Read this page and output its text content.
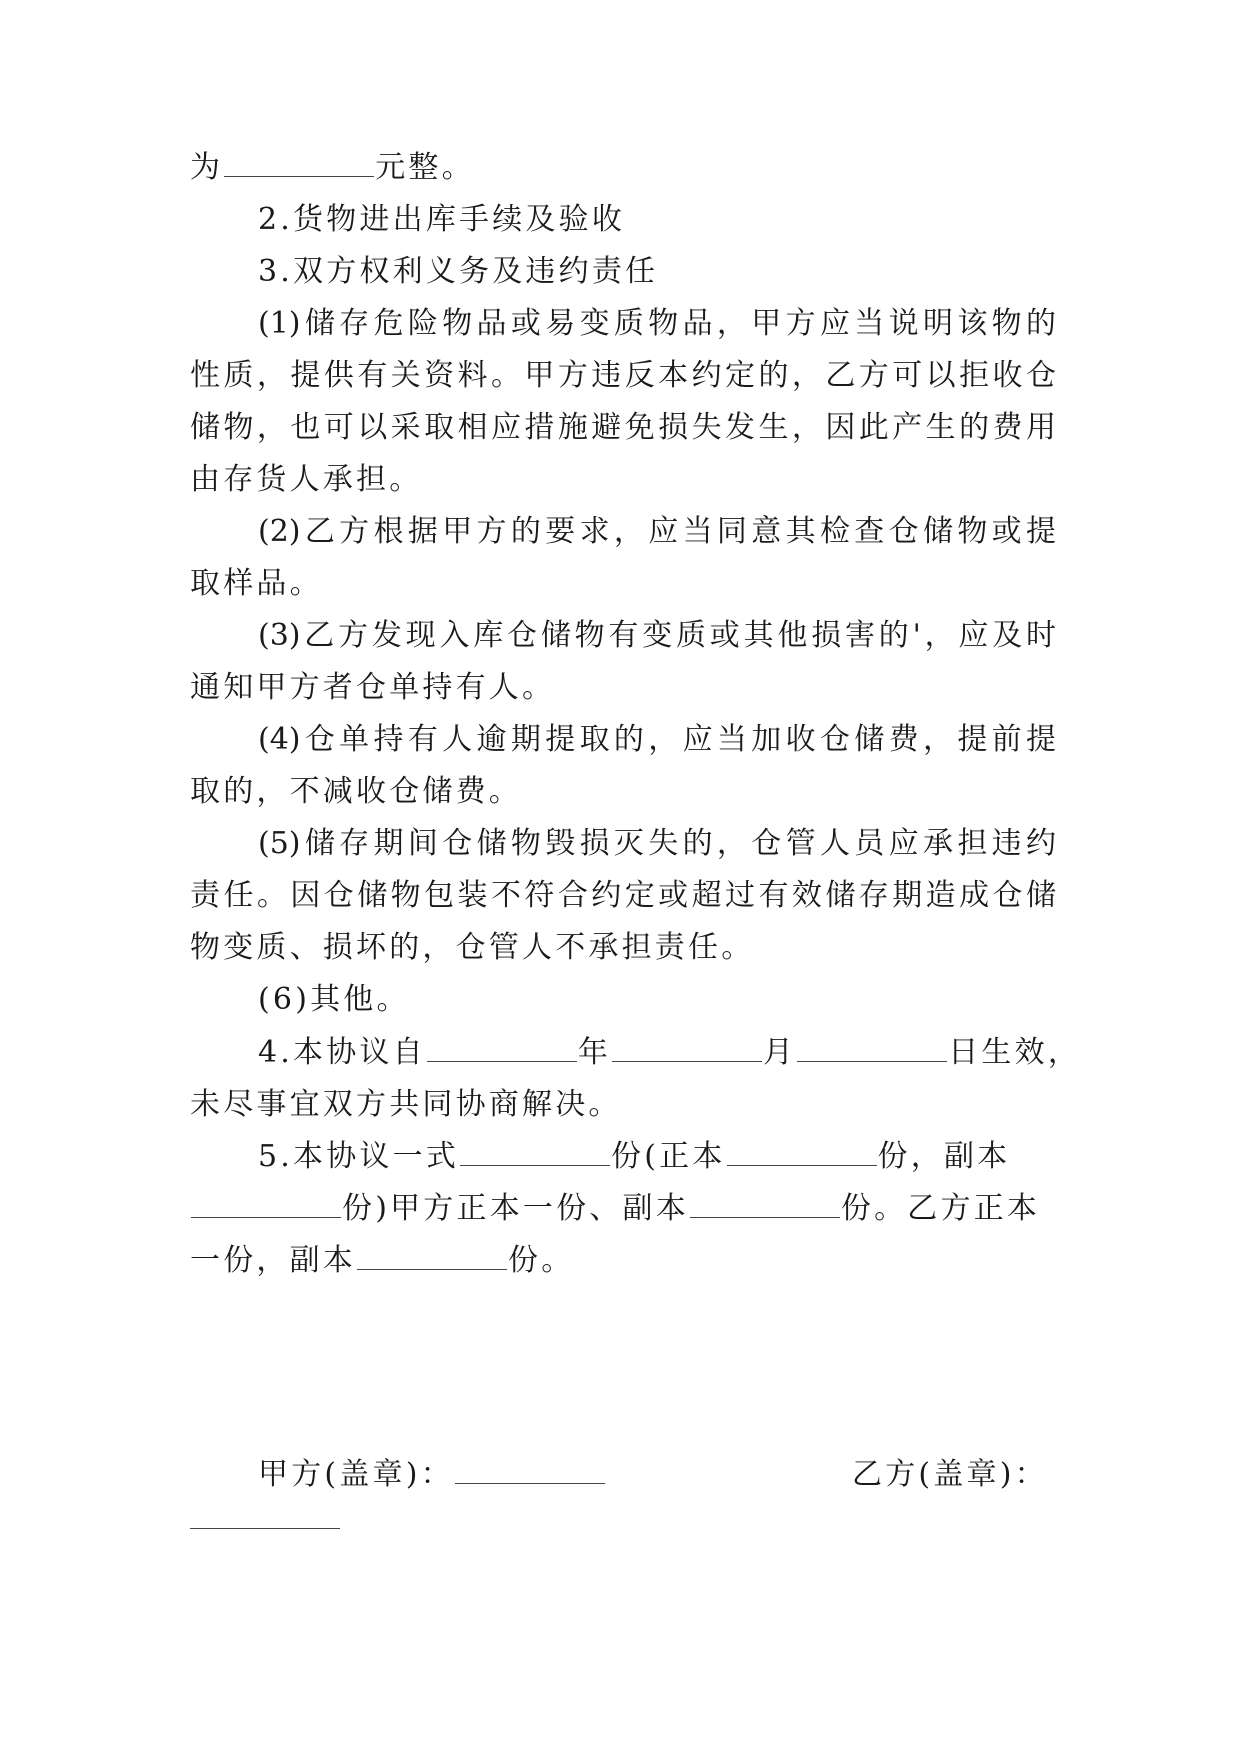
为	元整。
2.货物进出库手续及验收
3.双方权利义务及违约责任
(1)储存危险物品或易变质物品，甲方应当说明该物的
性质，提供有关资料。甲方违反本约定的，乙方可以拒收仓
储物，也可以采取相应措施避免损失发生，因此产生的费用
由存货人承担。
(2)乙方根据甲方的要求，应当同意其检查仓储物或提
取样品。
(3)乙方发现入库仓储物有变质或其他损害的'，应及时
通知甲方者仓单持有人。
(4)仓单持有人逾期提取的，应当加收仓储费，提前提
取的，不减收仓储费。
(5)储存期间仓储物毁损灭失的，仓管人员应承担违约
责任。因仓储物包装不符合约定或超过有效储存期造成仓储
物变质、损坏的，仓管人不承担责任。
(6)其他。
4.本协议自	年	月	日生效，
未尽事宜双方共同协商解决。
5.本协议一式	份(正本	份，副本
份)甲方正本一份、副本	份。乙方正本
一份，副本	份。
甲方(盖章)：	乙方(盖章)：
